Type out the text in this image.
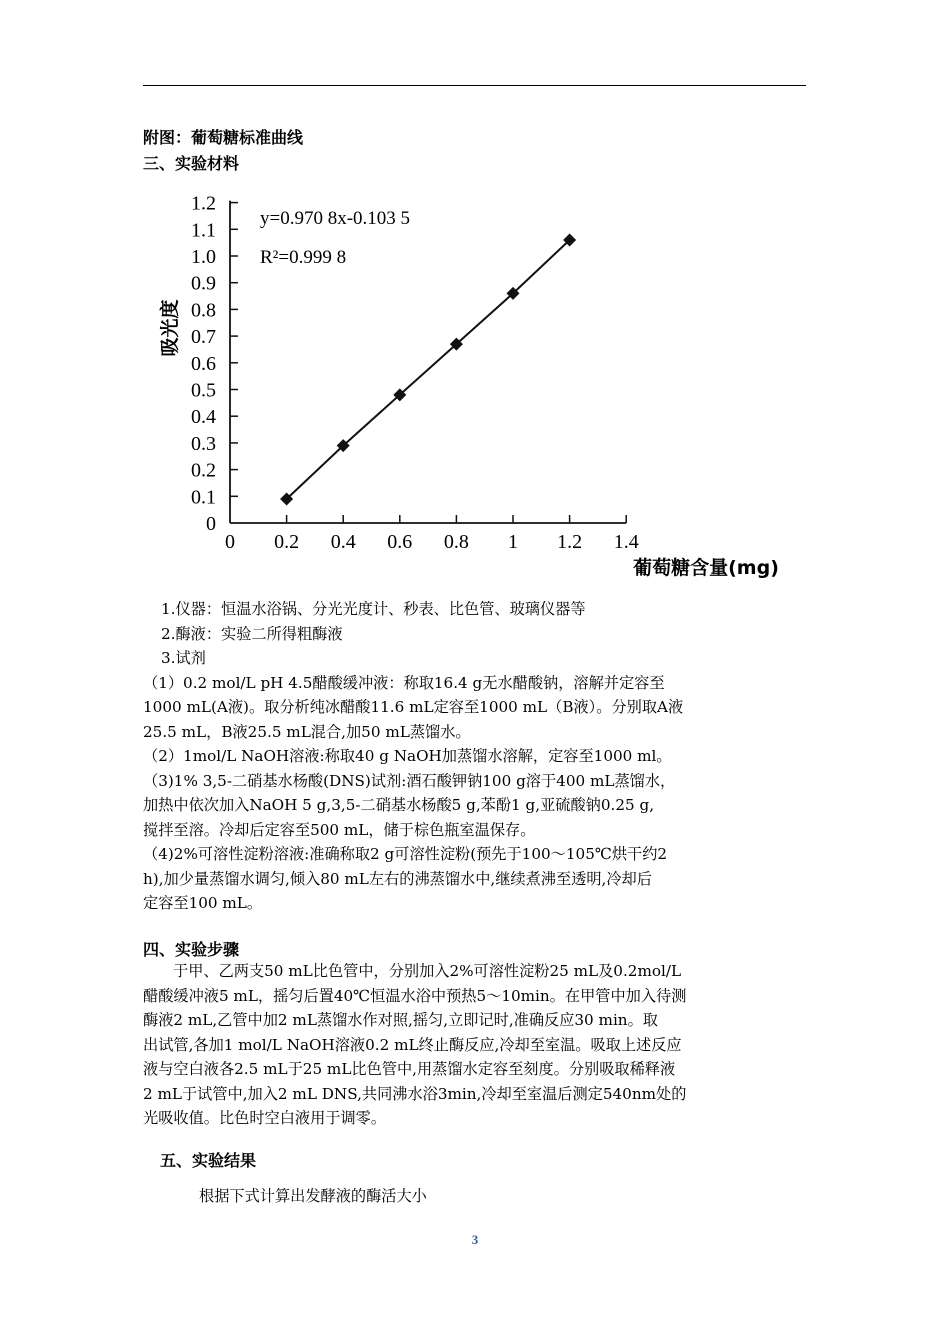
附图：葡萄糖标准曲线
三、实验材料
0
0.1
0.2
0.3
0.4
0.5
0.6
0.7
0.8
0.9
1.0
1.1
1.2
0 0.2 0.4 0.6 0.8 1 1.2 1.4
y=0.970 8x-0.103 5
R²=0.999 8
吸光度
葡萄糖含量(mg)

1.仪器：恒温水浴锅、分光光度计、秒表、比色管、玻璃仪器等

2.酶液：实验二所得粗酶液

3.试剂

（1）0.2 mol/L pH 4.5醋酸缓冲液：称取16.4 g无水醋酸钠，溶解并定容至

1000 mL(A液)。取分析纯冰醋酸11.6 mL定容至1000 mL（B液）。分别取A液

25.5 mL，B液25.5 mL混合,加50 mL蒸馏水。

（2）1mol/L NaOH溶液:称取40 g NaOH加蒸馏水溶解，定容至1000 ml。

（3)1% 3,5-二硝基水杨酸(DNS)试剂:酒石酸钾钠100 g溶于400 mL蒸馏水，

加热中依次加入NaOH 5 g,3,5-二硝基水杨酸5 g,苯酚1 g,亚硫酸钠0.25 g,

搅拌至溶。冷却后定容至500 mL，储于棕色瓶室温保存。

（4)2%可溶性淀粉溶液:准确称取2 g可溶性淀粉(预先于100～105℃烘干约2

h),加少量蒸馏水调匀,倾入80 mL左右的沸蒸馏水中,继续煮沸至透明,冷却后

定容至100 mL。

四、实验步骤

于甲、乙两支50 mL比色管中，分别加入2%可溶性淀粉25 mL及0.2mol/L

醋酸缓冲液5 mL，摇匀后置40℃恒温水浴中预热5～10min。在甲管中加入待测

酶液2 mL,乙管中加2 mL蒸馏水作对照,摇匀,立即记时,准确反应30 min。取

出试管,各加1 mol/L NaOH溶液0.2 mL终止酶反应,冷却至室温。吸取上述反应

液与空白液各2.5 mL于25 mL比色管中,用蒸馏水定容至刻度。分别吸取稀释液

2 mL于试管中,加入2 mL DNS,共同沸水浴3min,冷却至室温后测定540nm处的

光吸收值。比色时空白液用于调零。

五、实验结果

根据下式计算出发酵液的酶活大小

3
